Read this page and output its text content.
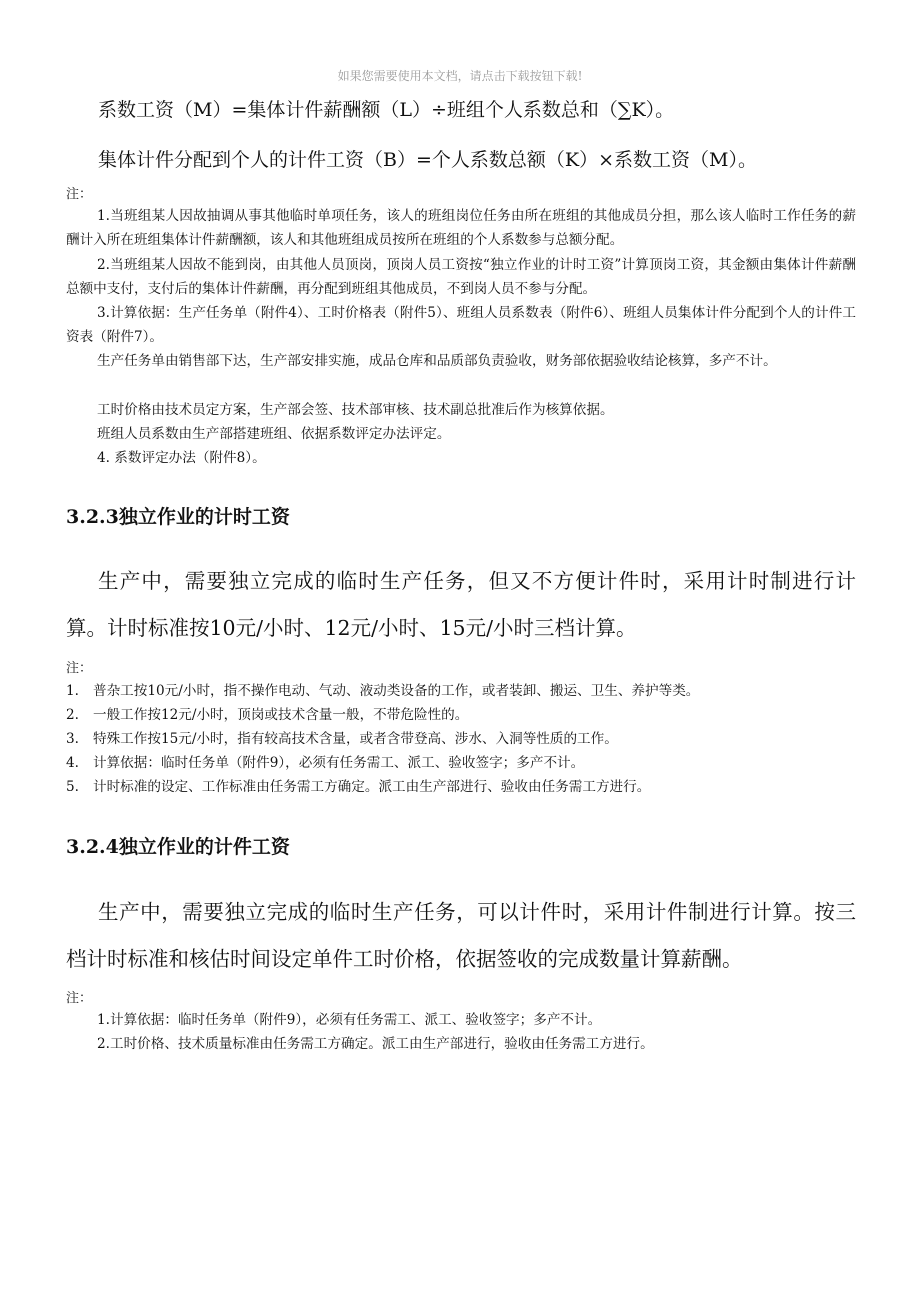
如果您需要使用本文档，请点击下载按钮下载!

系数工资（M）=集体计件薪酬额（L）÷班组个人系数总和（∑K）。

集体计件分配到个人的计件工资（B）=个人系数总额（K）×系数工资（M）。

注：

1.当班组某人因故抽调从事其他临时单项任务，该人的班组岗位任务由所在班组的其他成员分担，那么该人临时工作任务的薪酬计入所在班组集体计件薪酬额，该人和其他班组成员按所在班组的个人系数参与总额分配。

2.当班组某人因故不能到岗，由其他人员顶岗，顶岗人员工资按“独立作业的计时工资”计算顶岗工资，其金额由集体计件薪酬总额中支付，支付后的集体计件薪酬，再分配到班组其他成员，不到岗人员不参与分配。

3.计算依据：生产任务单（附件4）、工时价格表（附件5）、班组人员系数表（附件6）、班组人员集体计件分配到个人的计件工资表（附件7）。

生产任务单由销售部下达，生产部安排实施，成品仓库和品质部负责验收，财务部依据验收结论核算，多产不计。

工时价格由技术员定方案，生产部会签、技术部审核、技术副总批准后作为核算依据。

班组人员系数由生产部搭建班组、依据系数评定办法评定。

4. 系数评定办法（附件8）。

3.2.3独立作业的计时工资

生产中，需要独立完成的临时生产任务，但又不方便计件时，采用计时制进行计算。计时标准按10元/小时、12元/小时、15元/小时三档计算。

注：

1. 普杂工按10元/小时，指不操作电动、气动、液动类设备的工作，或者装卸、搬运、卫生、养护等类。

2. 一般工作按12元/小时，顶岗或技术含量一般，不带危险性的。

3. 特殊工作按15元/小时，指有较高技术含量，或者含带登高、涉水、入洞等性质的工作。

4. 计算依据：临时任务单（附件9），必须有任务需工、派工、验收签字；多产不计。

5. 计时标准的设定、工作标准由任务需工方确定。派工由生产部进行、验收由任务需工方进行。

3.2.4独立作业的计件工资

生产中，需要独立完成的临时生产任务，可以计件时，采用计件制进行计算。按三档计时标准和核估时间设定单件工时价格，依据签收的完成数量计算薪酬。

注：

1.计算依据：临时任务单（附件9），必须有任务需工、派工、验收签字；多产不计。

2.工时价格、技术质量标准由任务需工方确定。派工由生产部进行，验收由任务需工方进行。
